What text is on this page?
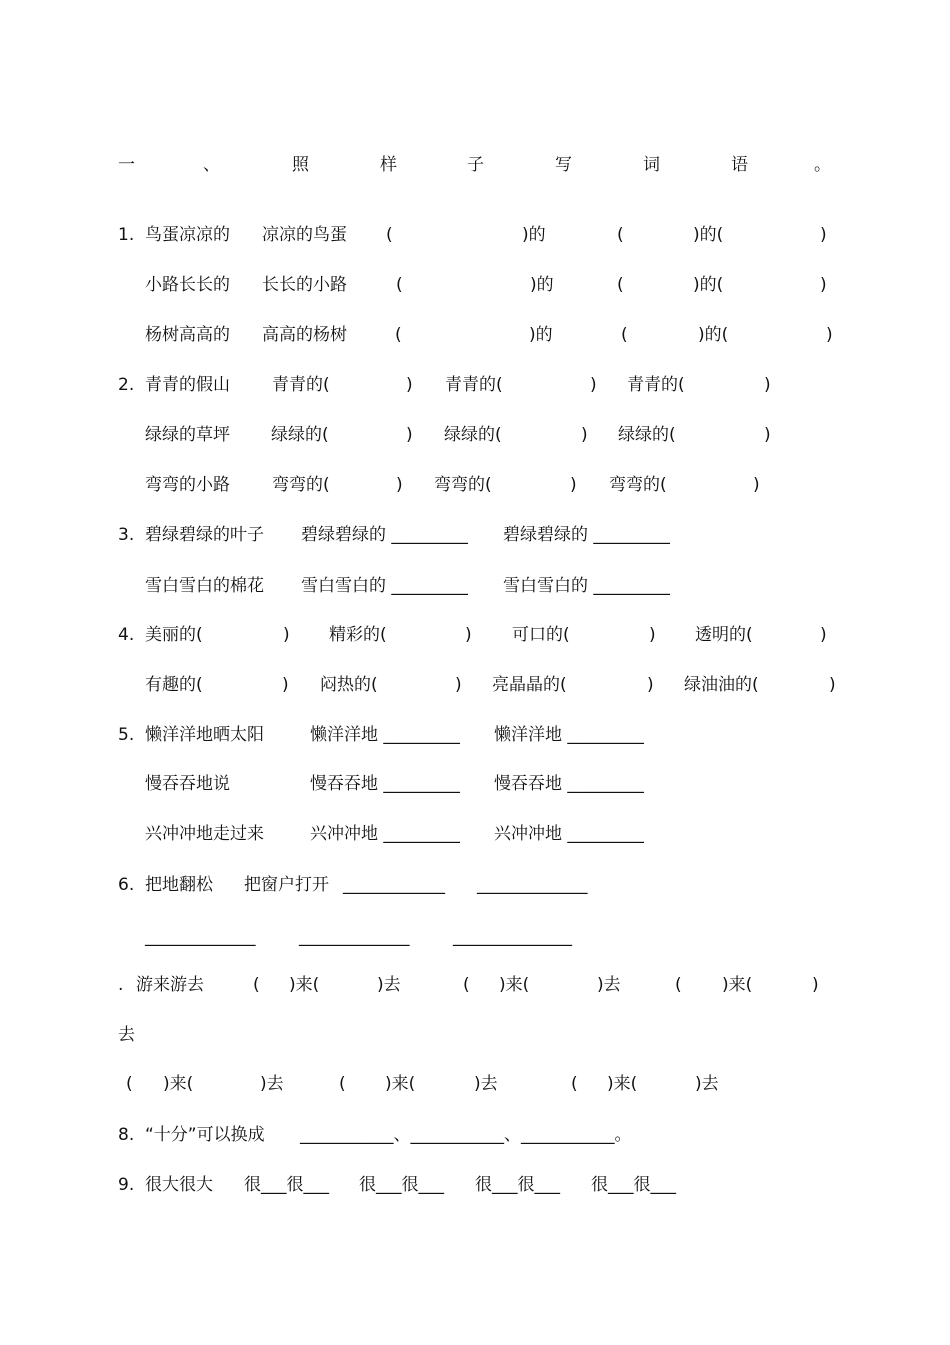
一	、	照	样	子	写	词	语	。
1. 鸟蛋凉凉的 凉凉的鸟蛋 (	)的	(	)的(	)
小路长长的 长长的小路	(	)的	(	)的(	)
杨树高高的 高高的杨树	(	)的	(	)的(	)
2. 青青的假山 青青的(	) 青青的(	) 青青的(	)
绿绿的草坪 绿绿的(	) 绿绿的(	) 绿绿的(	)
弯弯的小路 弯弯的(	) 弯弯的(	) 弯弯的(	)
3. 碧绿碧绿的叶子 碧绿碧绿的 _________ 碧绿碧绿的 _________
雪白雪白的棉花 雪白雪白的 _________ 雪白雪白的 _________
4. 美丽的(	) 精彩的(	) 可口的(	) 透明的(	)
有趣的(	) 闷热的(	) 亮晶晶的(	) 绿油油的(	)
5. 懒洋洋地晒太阳	懒洋洋地 _________ 懒洋洋地 _________
慢吞吞地说	慢吞吞地 _________ 慢吞吞地 _________
兴冲冲地走过来	兴冲冲地 _________ 兴冲冲地 _________
6. 把地翻松 把窗户打开 ____________ _____________
_____________	_____________	______________
. 游来游去	( )来(	)去	( )来(	)去	( )来(	)
去
( )来(	)去	( )来(	)去	( )来(	)去
8. “十分”可以换成 ___________、___________、___________。
9. 很大很大 很___很___ 很___很___ 很___很___ 很___很___
